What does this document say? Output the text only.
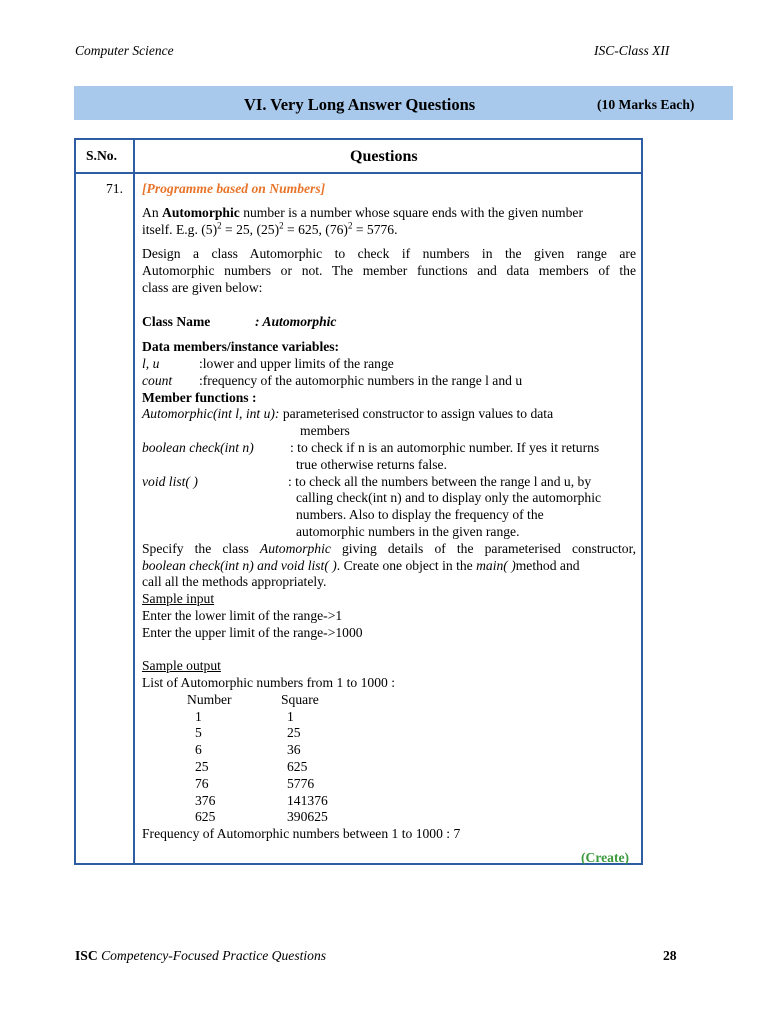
Computer Science	ISC-Class XII
VI. Very Long Answer Questions	(10 Marks Each)
S.No.	Questions
71. [Programme based on Numbers]
An Automorphic number is a number whose square ends with the given number
itself. E.g. $(5)^2 = 25$, $(25)^2 = 625$, $(76)^2 = 5776$.
Design a class Automorphic to check if numbers in the given range are
Automorphic numbers or not. The member functions and data members of the
class are given below:
Class Name	: Automorphic
Data members/instance variables:
l, u	:lower and upper limits of the range
count :frequency of the automorphic numbers in the range l and u
Member functions :
Automorphic(int l, int u): parameterised constructor to assign values to data
members
boolean check(int n)	: to check if n is an automorphic number. If yes it returns
true otherwise returns false.
void list( )	: to check all the numbers between the range l and u, by
calling check(int n) and to display only the automorphic
numbers. Also to display the frequency of the
automorphic numbers in the given range.
Specify the class Automorphic giving details of the parameterised constructor,
boolean check(int n) and void list( ). Create one object in the main( )method and
call all the methods appropriately.
Sample input
Enter the lower limit of the range->1
Enter the upper limit of the range->1000
Sample output
List of Automorphic numbers from 1 to 1000 :
Number	Square
1	1
5	25
6	36
25	625
76	5776
376	141376
625	390625
Frequency of Automorphic numbers between 1 to 1000 : 7
(Create)
ISC Competency-Focused Practice Questions	28
